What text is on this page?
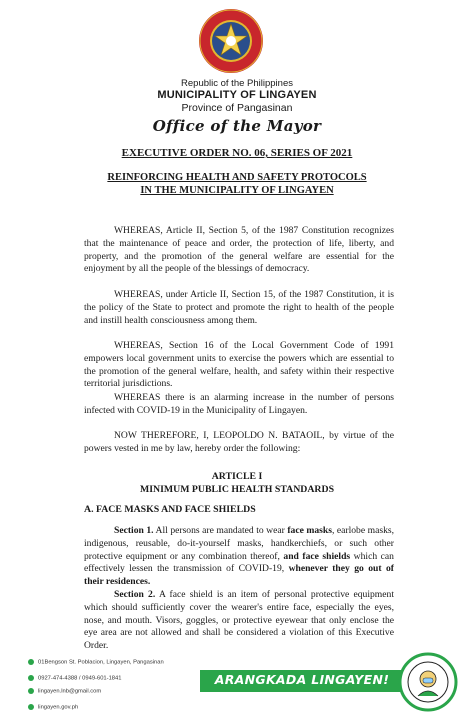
Republic of the Philippines
MUNICIPALITY OF LINGAYEN
Province of Pangasinan
Office of the Mayor
EXECUTIVE ORDER NO. 06, SERIES OF 2021
REINFORCING HEALTH AND SAFETY PROTOCOLS
IN THE MUNICIPALITY OF LINGAYEN

WHEREAS, Article II, Section 5, of the 1987 Constitution recognizes that the maintenance of peace and order, the protection of life, liberty, and property, and the promotion of the general welfare are essential for the enjoyment by all the people of the blessings of democracy.

WHEREAS, under Article II, Section 15, of the 1987 Constitution, it is the policy of the State to protect and promote the right to health of the people and instill health consciousness among them.

WHEREAS, Section 16 of the Local Government Code of 1991 empowers local government units to exercise the powers which are essential to the promotion of the general welfare, health, and safety within their respective territorial jurisdictions.

WHEREAS there is an alarming increase in the number of persons infected with COVID-19 in the Municipality of Lingayen.

NOW THEREFORE, I, LEOPOLDO N. BATAOIL, by virtue of the powers vested in me by law, hereby order the following:

ARTICLE I
MINIMUM PUBLIC HEALTH STANDARDS
A. FACE MASKS AND FACE SHIELDS

Section 1. All persons are mandated to wear face masks, earlobe masks, indigenous, reusable, do-it-yourself masks, handkerchiefs, or such other protective equipment or any combination thereof, and face shields which can effectively lessen the transmission of COVID-19, whenever they go out of their residences.

Section 2. A face shield is an item of personal protective equipment which should sufficiently cover the wearer's entire face, especially the eyes, nose, and mouth. Visors, goggles, or protective eyewear that only enclose the eye area are not allowed and shall be considered a violation of this Executive Order.

01Bengson St. Poblacion, Lingayen, Pangasinan
0927-474-4388 / 0949-601-1841
lingayen.lnb@gmail.com
lingayen.gov.ph
ARANGKADA LINGAYEN!
